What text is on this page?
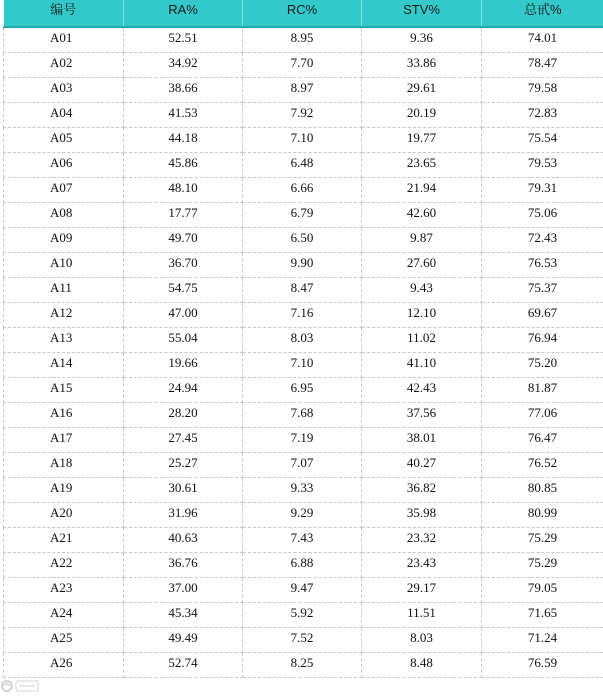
编号	RA%	RC%	STV%	总甙%
A01	52.51	8.95	9.36	74.01
A02	34.92	7.70	33.86	78.47
A03	38.66	8.97	29.61	79.58
A04	41.53	7.92	20.19	72.83
A05	44.18	7.10	19.77	75.54
A06	45.86	6.48	23.65	79.53
A07	48.10	6.66	21.94	79.31
A08	17.77	6.79	42.60	75.06
A09	49.70	6.50	9.87	72.43
A10	36.70	9.90	27.60	76.53
A11	54.75	8.47	9.43	75.37
A12	47.00	7.16	12.10	69.67
A13	55.04	8.03	11.02	76.94
A14	19.66	7.10	41.10	75.20
A15	24.94	6.95	42.43	81.87
A16	28.20	7.68	37.56	77.06
A17	27.45	7.19	38.01	76.47
A18	25.27	7.07	40.27	76.52
A19	30.61	9.33	36.82	80.85
A20	31.96	9.29	35.98	80.99
A21	40.63	7.43	23.32	75.29
A22	36.76	6.88	23.43	75.29
A23	37.00	9.47	29.17	79.05
A24	45.34	5.92	11.51	71.65
A25	49.49	7.52	8.03	71.24
A26	52.74	8.25	8.48	76.59
